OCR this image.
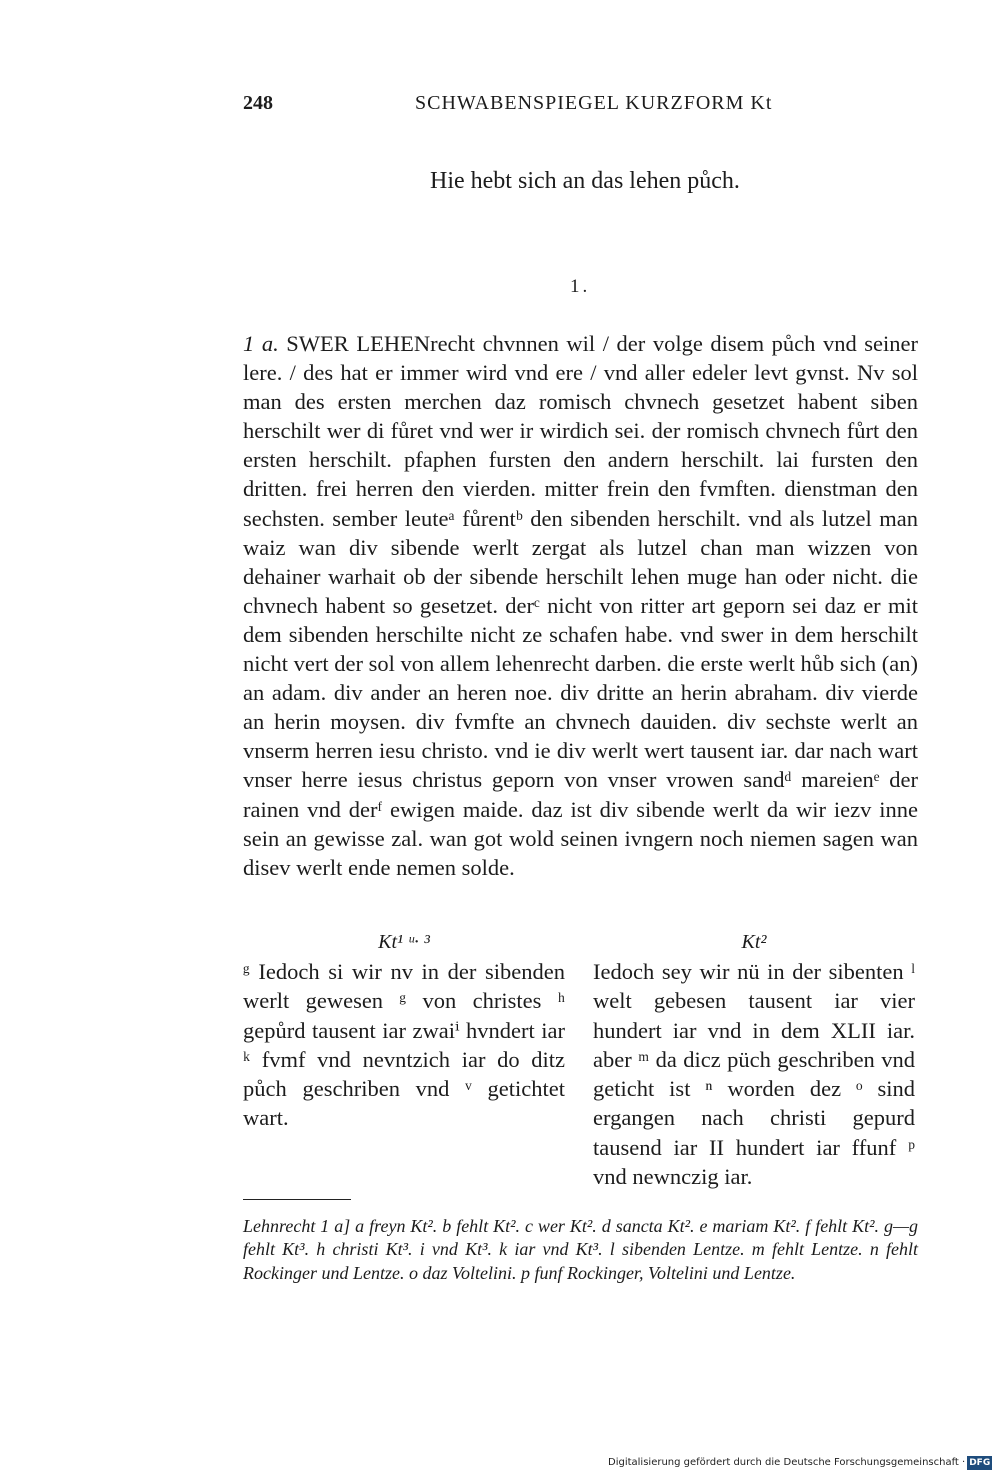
248	SCHWABENSPIEGEL KURZFORM Kt
Hie hebt sich an das lehen půch.
1.

1 a. SWER LEHENrecht chvnnen wil / der volge disem půch vnd seiner lere. / des hat er immer wird vnd ere / vnd aller edeler levt gvnst. Nv sol man des ersten merchen daz romisch chvnech gesetzet habent siben herschilt wer di fůret vnd wer ir wirdich sei. der romisch chvnech fůrt den ersten herschilt. pfaphen fursten den andern herschilt. lai fursten den dritten. frei herren den vierden. mitter frein den fvmften. dienstman den sechsten. sember leuteᵃ fůrentᵇ den sibenden herschilt. vnd als lutzel man waiz wan div sibende werlt zergat als lutzel chan man wizzen von dehainer warhait ob der sibende herschilt lehen muge han oder nicht. die chvnech habent so gesetzet. derᶜ nicht von ritter art geporn sei daz er mit dem sibenden herschilte nicht ze schafen habe. vnd swer in dem herschilt nicht vert der sol von allem lehenrecht darben. die erste werlt hůb sich (an) an adam. div ander an heren noe. div dritte an herin abraham. div vierde an herin moysen. div fvmfte an chvnech dauiden. div sechste werlt an vnserm herren iesu christo. vnd ie div werlt wert tausent iar. dar nach wart vnser herre iesus christus geporn von vnser vrowen sandᵈ mareienᵉ der rainen vnd derᶠ ewigen maide. daz ist div sibende werlt da wir iezv inne sein an gewisse zal. wan got wold seinen ivngern noch niemen sagen wan disev werlt ende nemen solde.

Kt¹ ᵘ· ³

ᵍ Iedoch si wir nv in der sibenden werlt gewesen ᵍ von christes ʰ gepůrd tausent iar zwaiⁱ hvndert iar ᵏ fvmf vnd nevntzich iar do ditz půch geschriben vnd ᵛ getichtet wart.

Kt²

Iedoch sey wir nü in der sibenten ˡ welt gebesen tausent iar vier hundert iar vnd in dem XLII iar. aber ᵐ da dicz püch geschriben vnd geticht ist ⁿ worden dez ᵒ sind ergangen nach christi gepurd tausend iar II hundert iar ffunf ᵖ vnd newnczig iar.

Lehnrecht 1 a] a freyn Kt². b fehlt Kt². c wer Kt². d sancta Kt². e mariam Kt². f fehlt Kt². g—g fehlt Kt³. h christi Kt³. i vnd Kt³. k iar vnd Kt³. l sibenden Lentze. m fehlt Lentze. n fehlt Rockinger und Lentze. o daz Voltelini. p funf Rockinger, Voltelini und Lentze.

Digitalisierung gefördert durch die Deutsche Forschungsgemeinschaft · DFG
